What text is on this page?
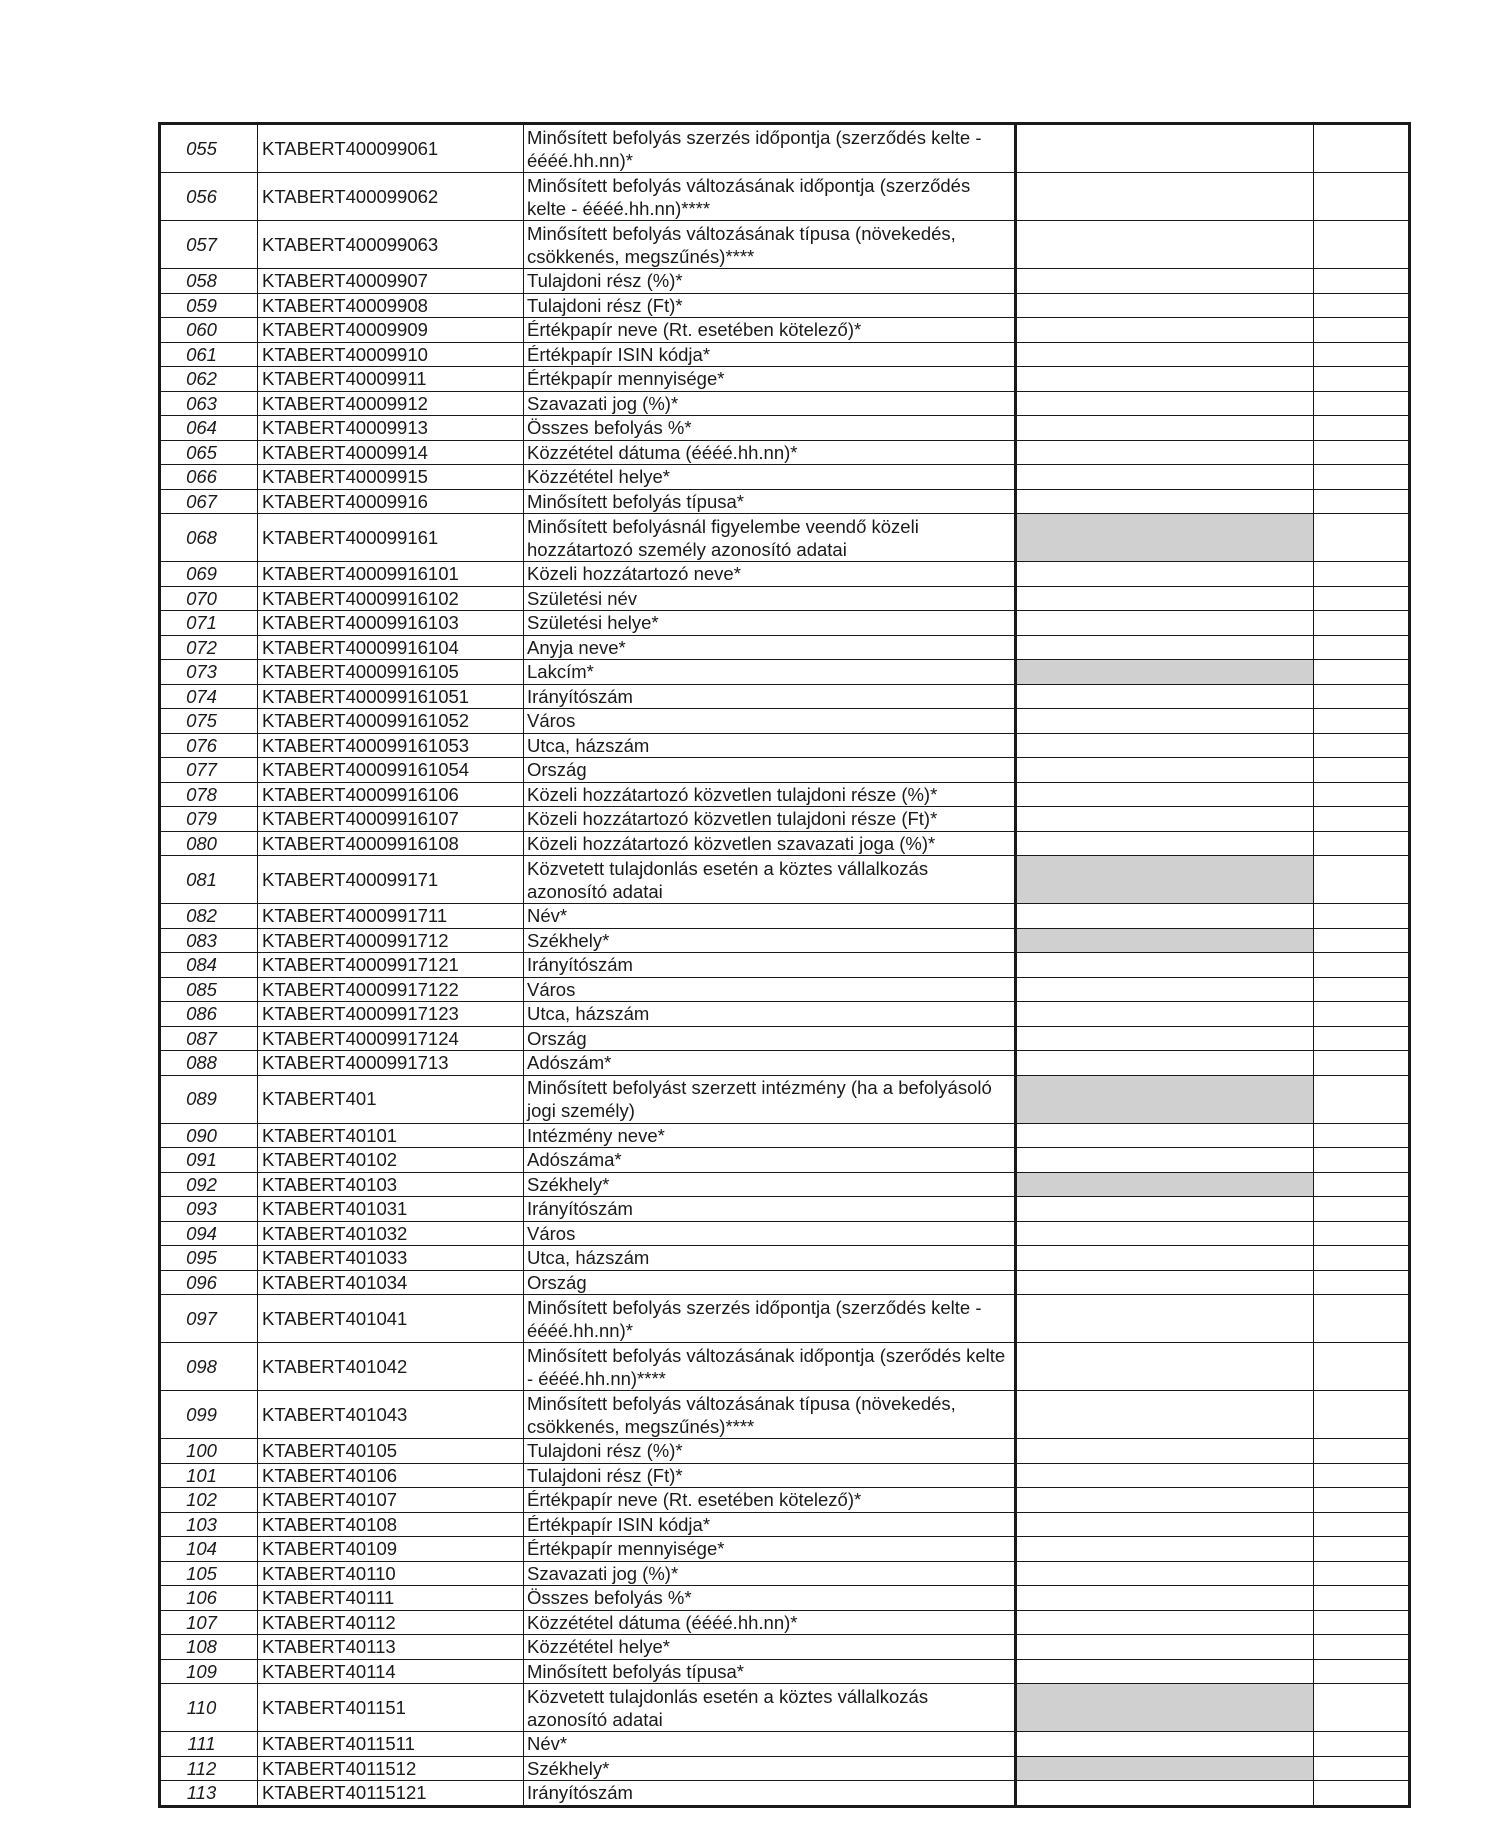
055	KTABERT400099061	Minősített befolyás szerzés időpontja (szerződés kelte - éééé.hh.nn)*		
056	KTABERT400099062	Minősített befolyás változásának időpontja (szerződés kelte - éééé.hh.nn)****		
057	KTABERT400099063	Minősített befolyás változásának típusa (növekedés, csökkenés, megszűnés)****		
058	KTABERT40009907	Tulajdoni rész (%)*		
059	KTABERT40009908	Tulajdoni rész (Ft)*		
060	KTABERT40009909	Értékpapír neve (Rt. esetében kötelező)*		
061	KTABERT40009910	Értékpapír ISIN kódja*		
062	KTABERT40009911	Értékpapír mennyisége*		
063	KTABERT40009912	Szavazati jog (%)*		
064	KTABERT40009913	Összes befolyás %*		
065	KTABERT40009914	Közzététel dátuma (éééé.hh.nn)*		
066	KTABERT40009915	Közzététel helye*		
067	KTABERT40009916	Minősített befolyás típusa*		
068	KTABERT400099161	Minősített befolyásnál figyelembe veendő közeli hozzátartozó személy azonosító adatai		
069	KTABERT40009916101	Közeli hozzátartozó neve*		
070	KTABERT40009916102	Születési név		
071	KTABERT40009916103	Születési helye*		
072	KTABERT40009916104	Anyja neve*		
073	KTABERT40009916105	Lakcím*		
074	KTABERT400099161051	Irányítószám		
075	KTABERT400099161052	Város		
076	KTABERT400099161053	Utca, házszám		
077	KTABERT400099161054	Ország		
078	KTABERT40009916106	Közeli hozzátartozó közvetlen tulajdoni része (%)*		
079	KTABERT40009916107	Közeli hozzátartozó közvetlen tulajdoni része (Ft)*		
080	KTABERT40009916108	Közeli hozzátartozó közvetlen szavazati joga (%)*		
081	KTABERT400099171	Közvetett tulajdonlás esetén a köztes vállalkozás azonosító adatai		
082	KTABERT4000991711	Név*		
083	KTABERT4000991712	Székhely*		
084	KTABERT40009917121	Irányítószám		
085	KTABERT40009917122	Város		
086	KTABERT40009917123	Utca, házszám		
087	KTABERT40009917124	Ország		
088	KTABERT4000991713	Adószám*		
089	KTABERT401	Minősített befolyást szerzett intézmény (ha a befolyásoló jogi személy)		
090	KTABERT40101	Intézmény neve*		
091	KTABERT40102	Adószáma*		
092	KTABERT40103	Székhely*		
093	KTABERT401031	Irányítószám		
094	KTABERT401032	Város		
095	KTABERT401033	Utca, házszám		
096	KTABERT401034	Ország		
097	KTABERT401041	Minősített befolyás szerzés időpontja (szerződés kelte - éééé.hh.nn)*		
098	KTABERT401042	Minősített befolyás változásának időpontja (szerődés kelte - éééé.hh.nn)****		
099	KTABERT401043	Minősített befolyás változásának típusa (növekedés, csökkenés, megszűnés)****		
100	KTABERT40105	Tulajdoni rész (%)*		
101	KTABERT40106	Tulajdoni rész (Ft)*		
102	KTABERT40107	Értékpapír neve (Rt. esetében kötelező)*		
103	KTABERT40108	Értékpapír ISIN kódja*		
104	KTABERT40109	Értékpapír mennyisége*		
105	KTABERT40110	Szavazati jog (%)*		
106	KTABERT40111	Összes befolyás %*		
107	KTABERT40112	Közzététel dátuma (éééé.hh.nn)*		
108	KTABERT40113	Közzététel helye*		
109	KTABERT40114	Minősített befolyás típusa*		
110	KTABERT401151	Közvetett tulajdonlás esetén a köztes vállalkozás azonosító adatai		
111	KTABERT4011511	Név*		
112	KTABERT4011512	Székhely*		
113	KTABERT40115121	Irányítószám		
